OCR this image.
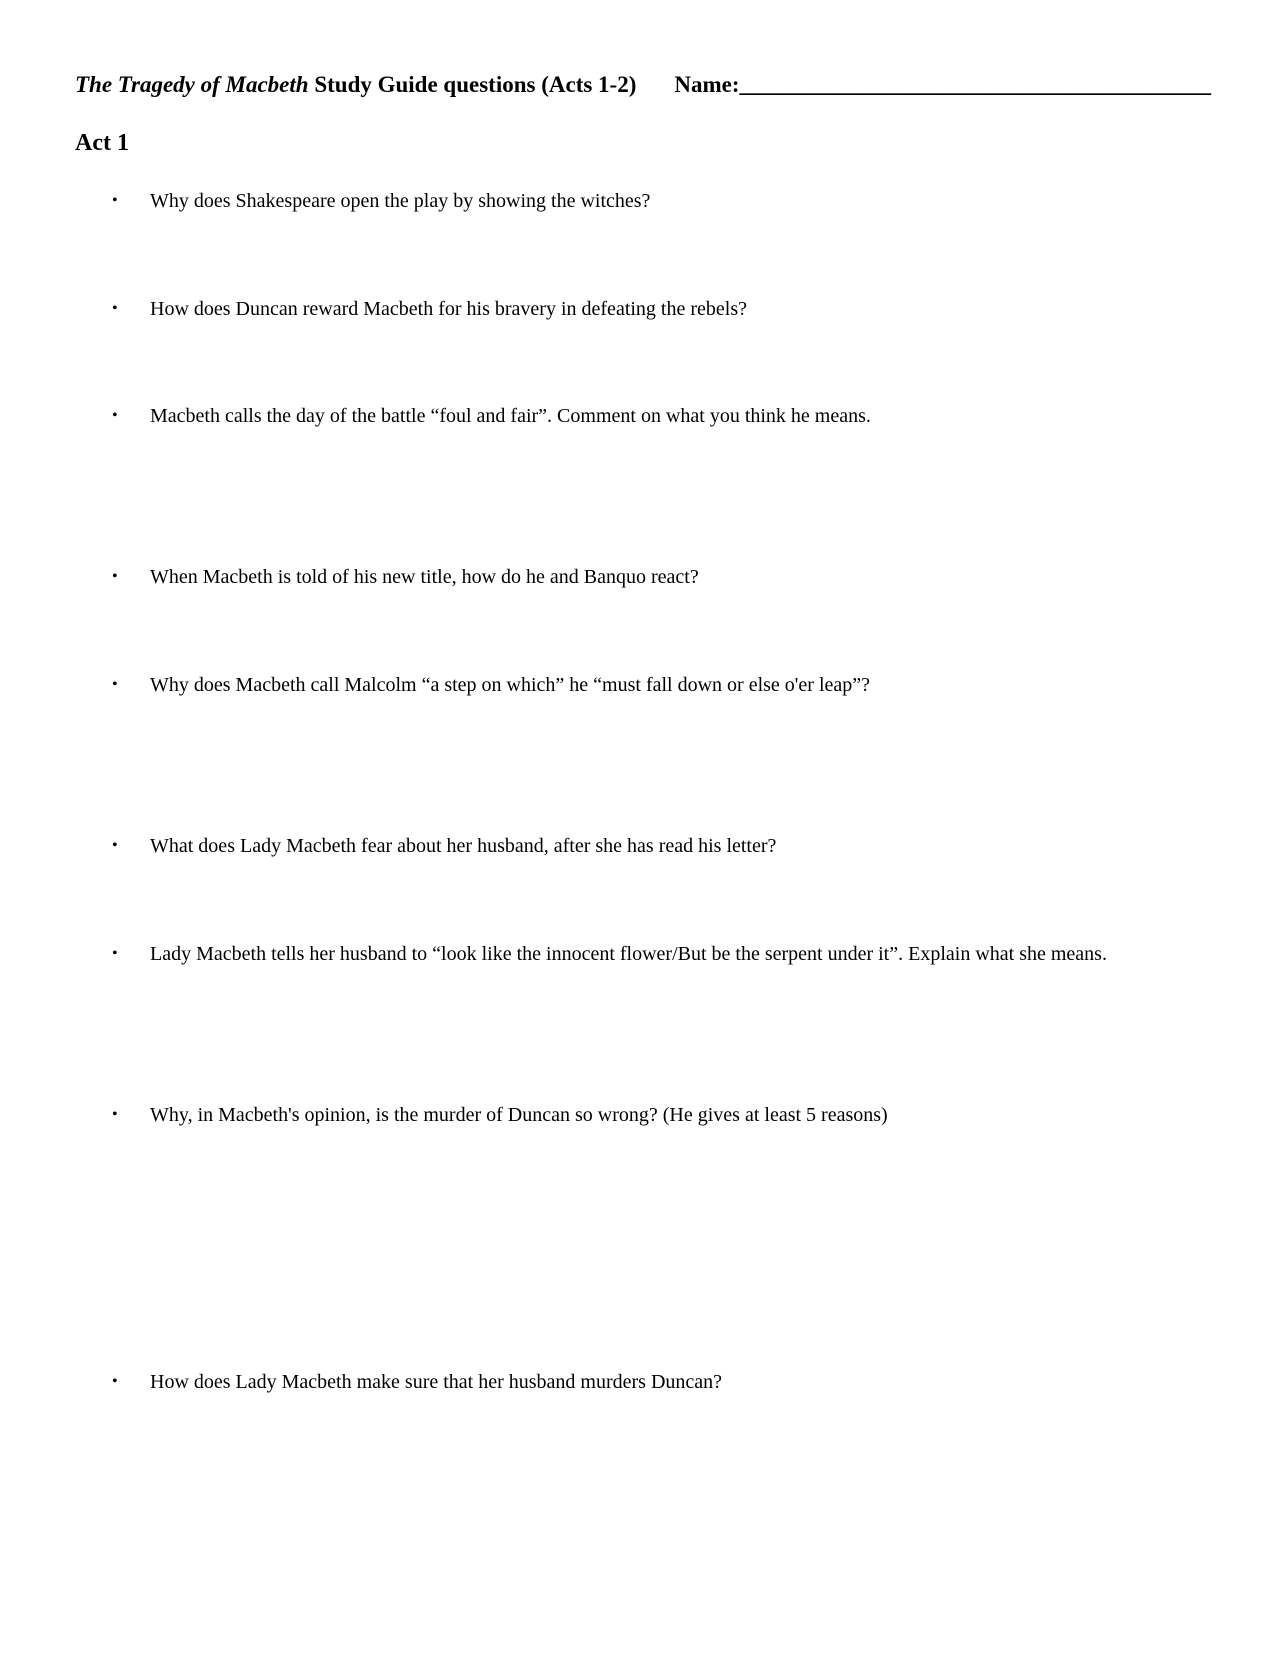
The Tragedy of Macbeth Study Guide questions (Acts 1-2) Name:_________________________________________
Act 1
• Why does Shakespeare open the play by showing the witches?
• How does Duncan reward Macbeth for his bravery in defeating the rebels?
• Macbeth calls the day of the battle “foul and fair”. Comment on what you think he means.
• When Macbeth is told of his new title, how do he and Banquo react?
• Why does Macbeth call Malcolm “a step on which” he “must fall down or else o'er leap”?
• What does Lady Macbeth fear about her husband, after she has read his letter?
• Lady Macbeth tells her husband to “look like the innocent flower/But be the serpent under it”. Explain what she means.
• Why, in Macbeth's opinion, is the murder of Duncan so wrong? (He gives at least 5 reasons)
• How does Lady Macbeth make sure that her husband murders Duncan?
